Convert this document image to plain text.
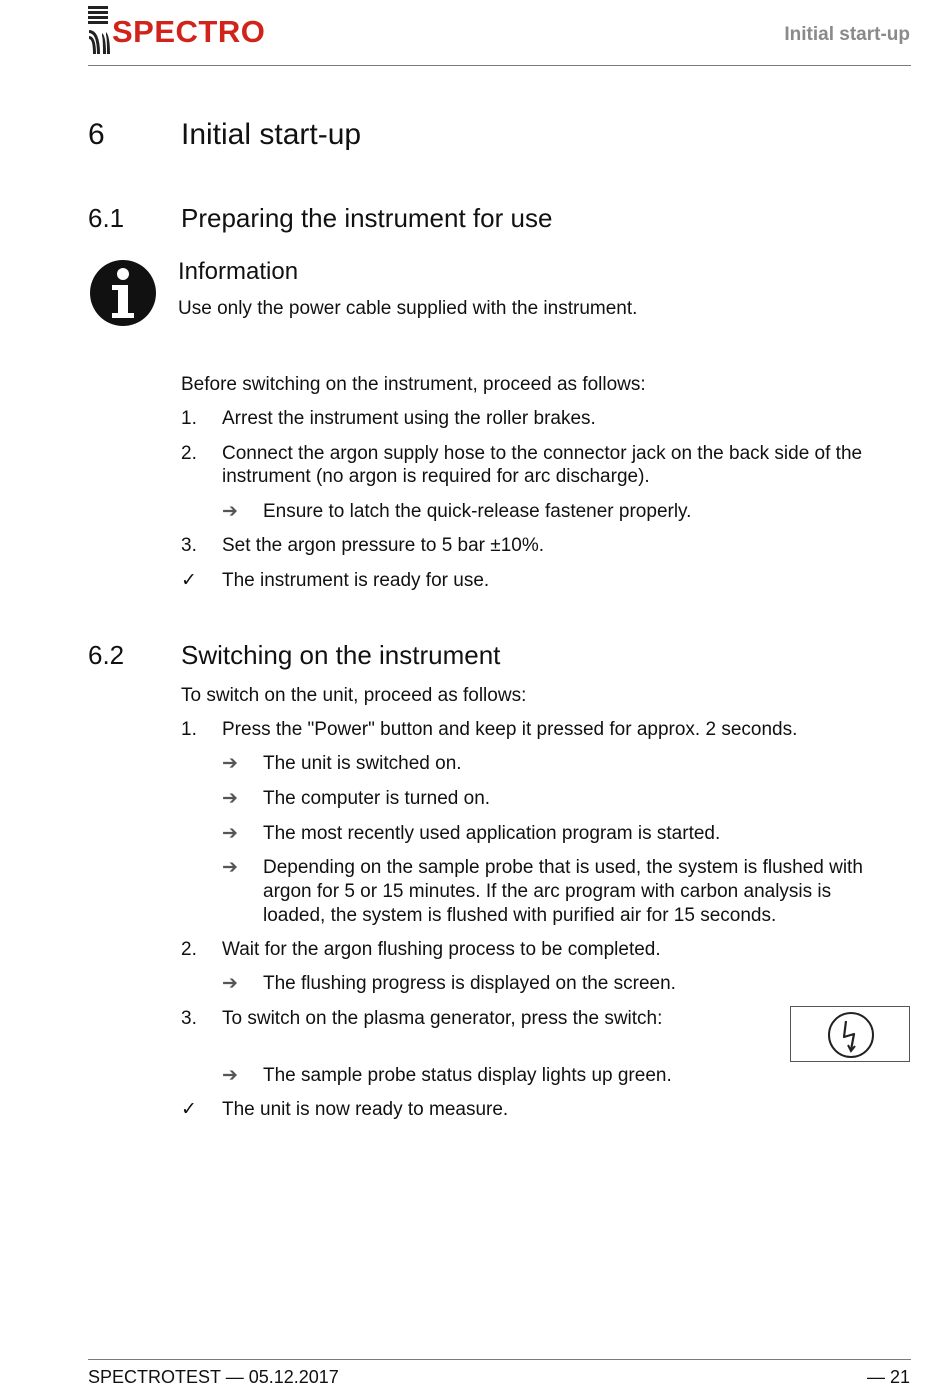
SPECTRO	Initial start-up
6	Initial start-up
6.1 Preparing the instrument for use
Information
Use only the power cable supplied with the instrument.
Before switching on the instrument, proceed as follows:
1. Arrest the instrument using the roller brakes.
2. Connect the argon supply hose to the connector jack on the back side of the
instrument (no argon is required for arc discharge).
➔ Ensure to latch the quick-release fastener properly.
3. Set the argon pressure to 5 bar ±10%.
✓ The instrument is ready for use.
6.2 Switching on the instrument
To switch on the unit, proceed as follows:
1. Press the "Power" button and keep it pressed for approx. 2 seconds.
➔ The unit is switched on.
➔ The computer is turned on.
➔ The most recently used application program is started.
➔ Depending on the sample probe that is used, the system is flushed with
argon for 5 or 15 minutes. If the arc program with carbon analysis is
loaded, the system is flushed with purified air for 15 seconds.
2. Wait for the argon flushing process to be completed.
➔ The flushing progress is displayed on the screen.
3. To switch on the plasma generator, press the switch:
➔ The sample probe status display lights up green.
✓ The unit is now ready to measure.
SPECTROTEST — 05.12.2017	— 21
